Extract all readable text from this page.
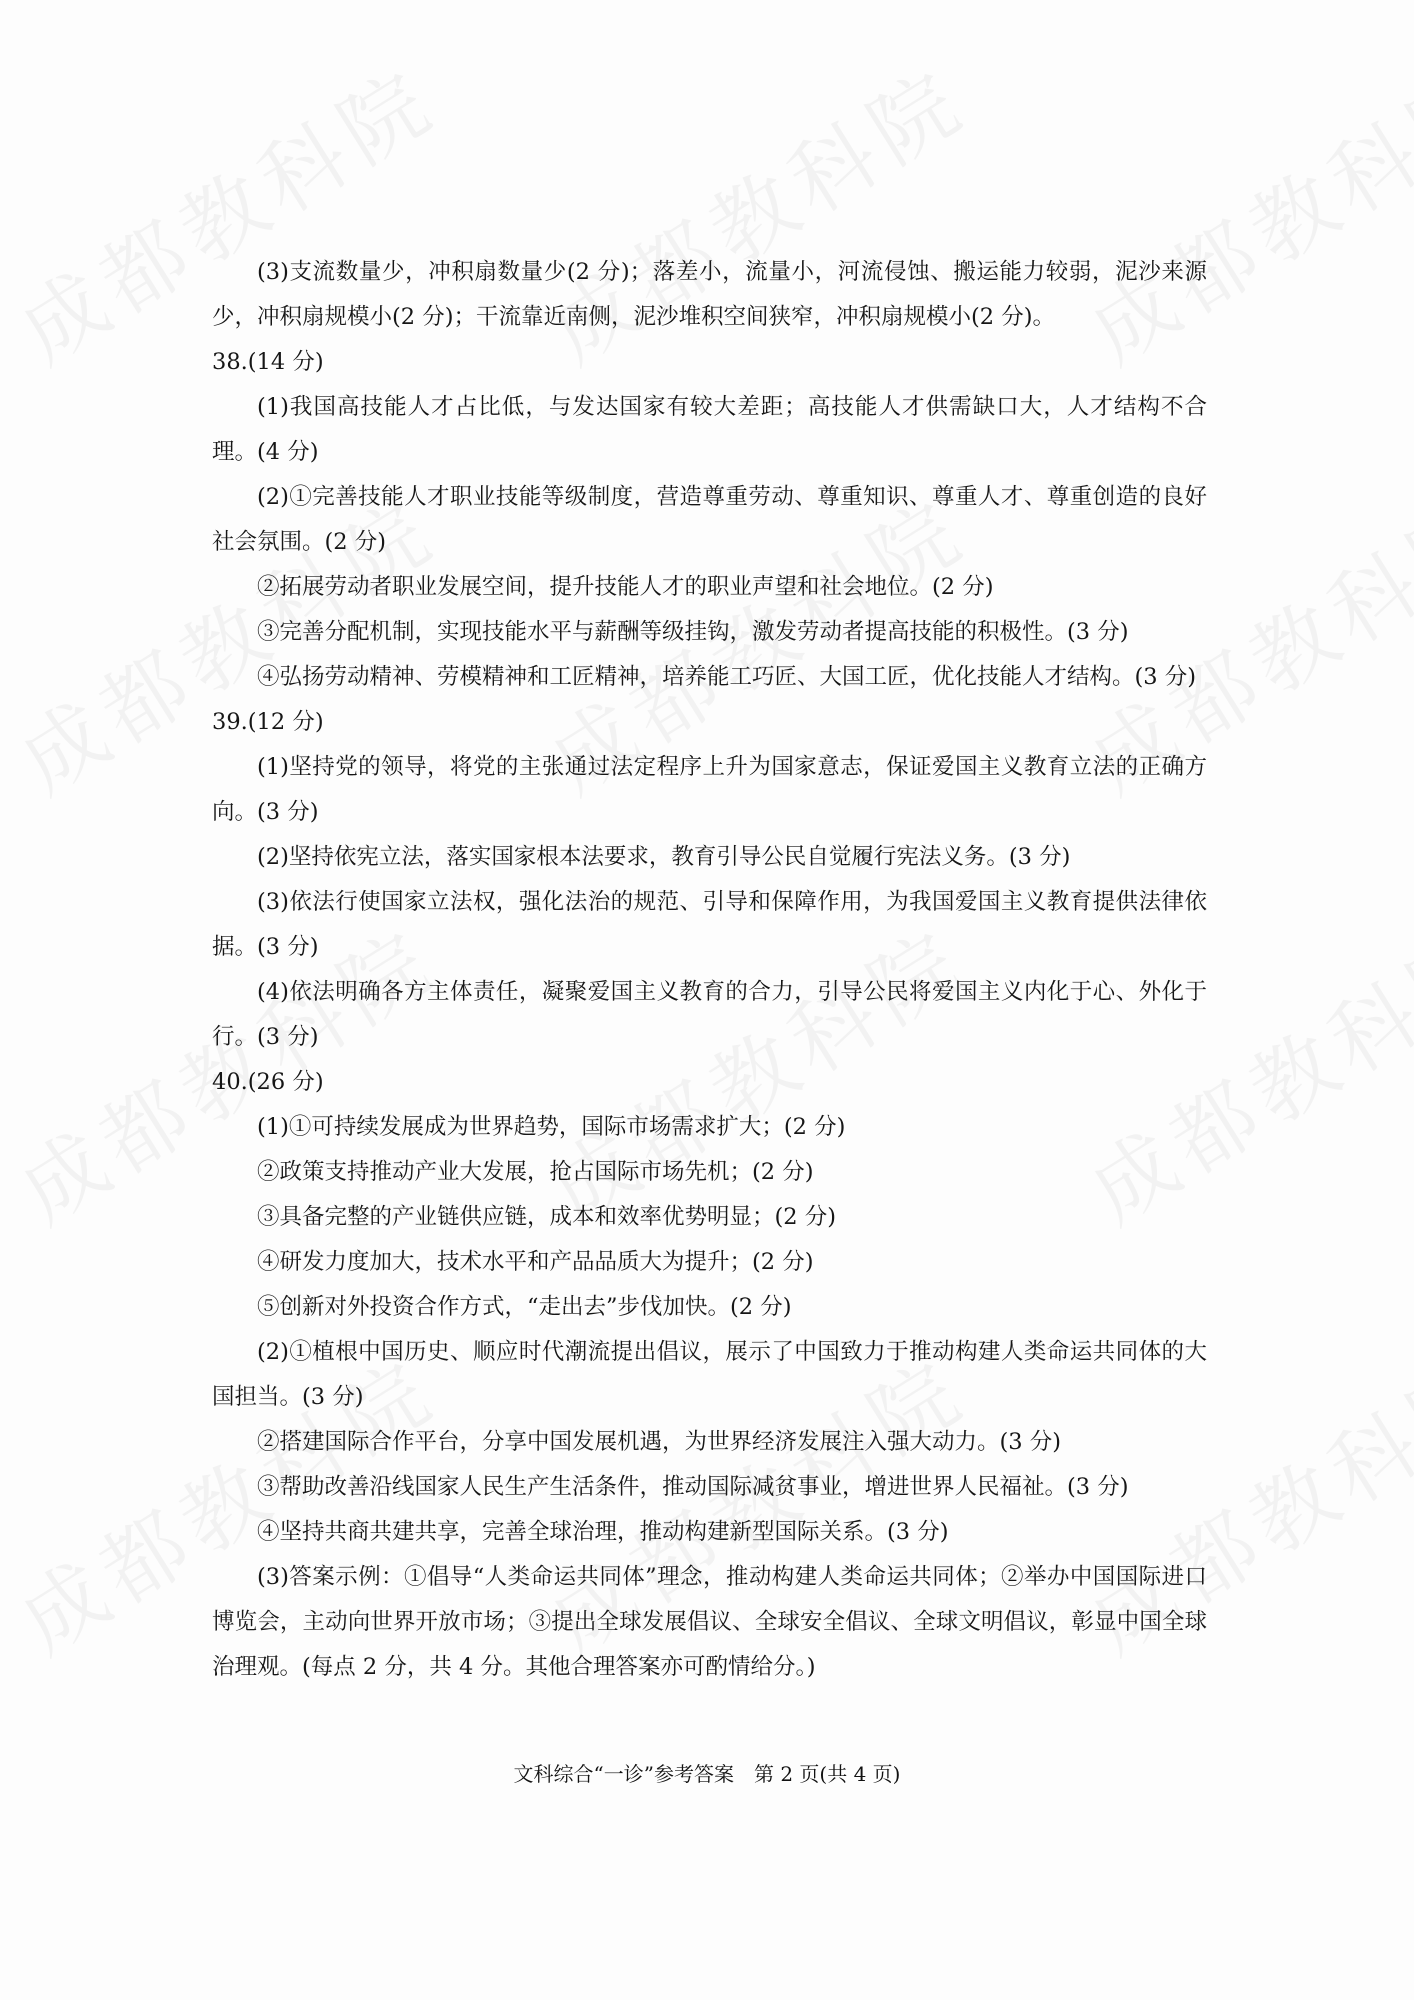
(3)支流数量少，冲积扇数量少(2 分)；落差小，流量小，河流侵蚀、搬运能力较弱，泥沙来源少，冲积扇规模小(2 分)；干流靠近南侧，泥沙堆积空间狭窄，冲积扇规模小(2 分)。

38.(14 分)

(1)我国高技能人才占比低，与发达国家有较大差距；高技能人才供需缺口大，人才结构不合理。(4 分)

(2)①完善技能人才职业技能等级制度，营造尊重劳动、尊重知识、尊重人才、尊重创造的良好社会氛围。(2 分)

②拓展劳动者职业发展空间，提升技能人才的职业声望和社会地位。(2 分)

③完善分配机制，实现技能水平与薪酬等级挂钩，激发劳动者提高技能的积极性。(3 分)

④弘扬劳动精神、劳模精神和工匠精神，培养能工巧匠、大国工匠，优化技能人才结构。(3 分)

39.(12 分)

(1)坚持党的领导，将党的主张通过法定程序上升为国家意志，保证爱国主义教育立法的正确方向。(3 分)

(2)坚持依宪立法，落实国家根本法要求，教育引导公民自觉履行宪法义务。(3 分)

(3)依法行使国家立法权，强化法治的规范、引导和保障作用，为我国爱国主义教育提供法律依据。(3 分)

(4)依法明确各方主体责任，凝聚爱国主义教育的合力，引导公民将爱国主义内化于心、外化于行。(3 分)

40.(26 分)

(1)①可持续发展成为世界趋势，国际市场需求扩大；(2 分)

②政策支持推动产业大发展，抢占国际市场先机；(2 分)

③具备完整的产业链供应链，成本和效率优势明显；(2 分)

④研发力度加大，技术水平和产品品质大为提升；(2 分)

⑤创新对外投资合作方式，“走出去”步伐加快。(2 分)

(2)①植根中国历史、顺应时代潮流提出倡议，展示了中国致力于推动构建人类命运共同体的大国担当。(3 分)

②搭建国际合作平台，分享中国发展机遇，为世界经济发展注入强大动力。(3 分)

③帮助改善沿线国家人民生产生活条件，推动国际减贫事业，增进世界人民福祉。(3 分)

④坚持共商共建共享，完善全球治理，推动构建新型国际关系。(3 分)

(3)答案示例：①倡导“人类命运共同体”理念，推动构建人类命运共同体；②举办中国国际进口博览会，主动向世界开放市场；③提出全球发展倡议、全球安全倡议、全球文明倡议，彰显中国全球治理观。(每点 2 分，共 4 分。其他合理答案亦可酌情给分。)

文科综合“一诊”参考答案　第 2 页(共 4 页)
